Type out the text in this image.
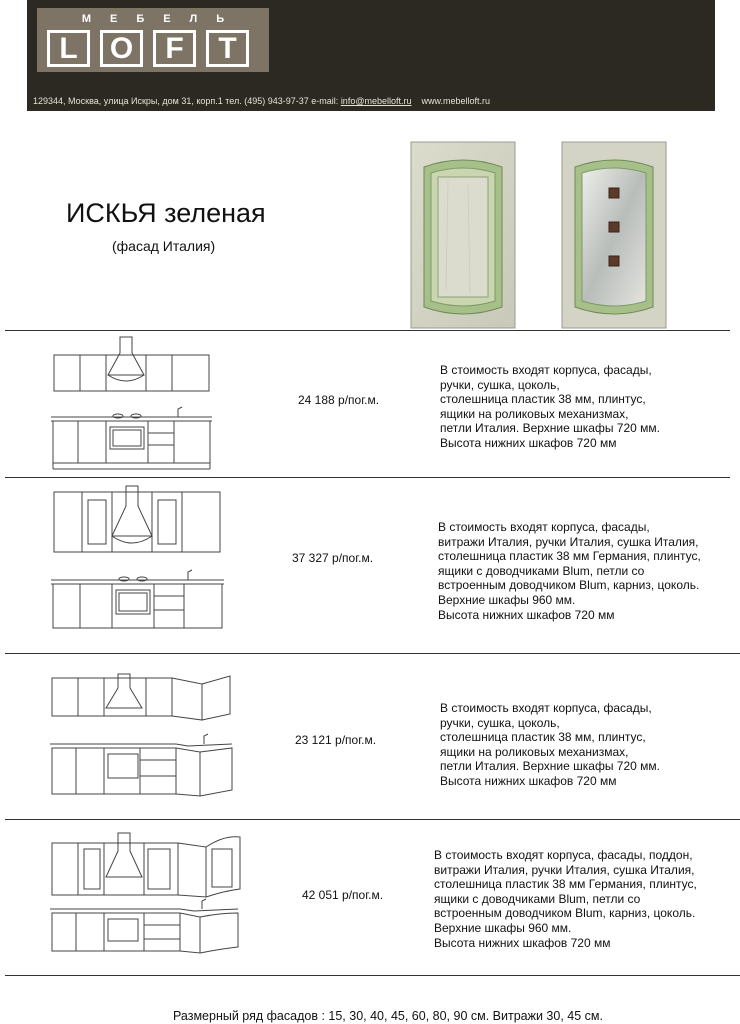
МЕБЕЛЬ
L	O	F	T
129344, Москва, улица Искры, дом 31, корп.1 тел. (495) 943-97-37 e-mail: info@mebelloft.ru www.mebelloft.ru
ИСКЬЯ зеленая
(фасад Италия)
24 188 р/пог.м.
В стоимость входят корпуса, фасады,
ручки, сушка, цоколь,
столешница пластик 38 мм, плинтус,
ящики на роликовых механизмах,
петли Италия. Верхние шкафы 720 мм.
Высота нижних шкафов 720 мм
37 327 р/пог.м.
В стоимость входят корпуса, фасады,
витражи Италия, ручки Италия, сушка Италия,
столешница пластик 38 мм Германия, плинтус,
ящики с доводчиками Blum, петли со
встроенным доводчиком Blum, карниз, цоколь.
Верхние шкафы 960 мм.
Высота нижних шкафов 720 мм
23 121 р/пог.м.
В стоимость входят корпуса, фасады,
ручки, сушка, цоколь,
столешница пластик 38 мм, плинтус,
ящики на роликовых механизмах,
петли Италия. Верхние шкафы 720 мм.
Высота нижних шкафов 720 мм
42 051 р/пог.м.
В стоимость входят корпуса, фасады, поддон,
витражи Италия, ручки Италия, сушка Италия,
столешница пластик 38 мм Германия, плинтус,
ящики с доводчиками Blum, петли со
встроенным доводчиком Blum, карниз, цоколь.
Верхние шкафы 960 мм.
Высота нижних шкафов 720 мм
Размерный ряд фасадов : 15, 30, 40, 45, 60, 80, 90 см. Витражи 30, 45 см.
